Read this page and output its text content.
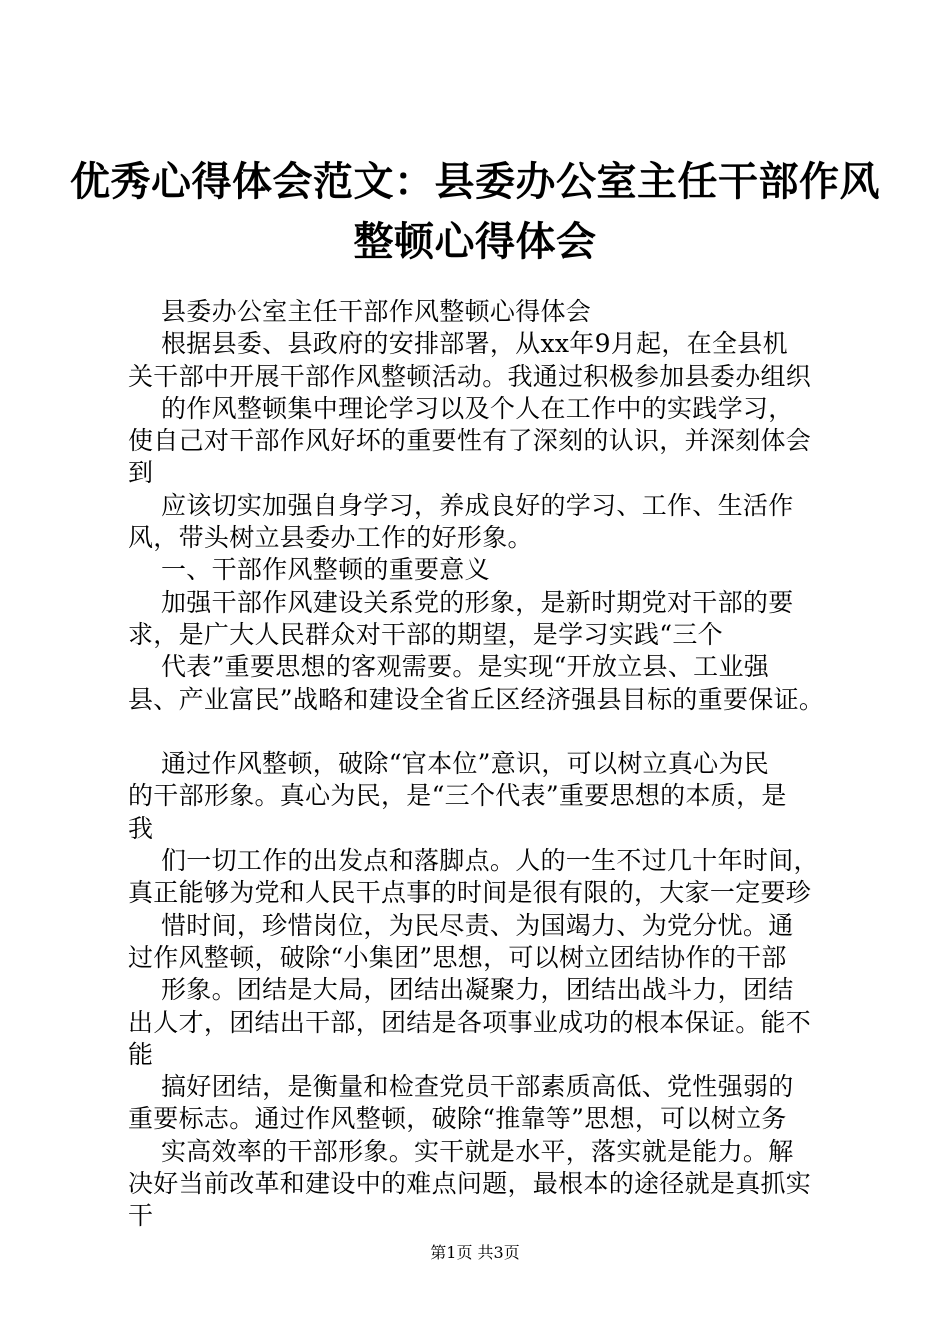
优秀心得体会范文：县委办公室主任干部作风
整顿心得体会
县委办公室主任干部作风整顿心得体会
根据县委、县政府的安排部署，从xx年9月起，在全县机
关干部中开展干部作风整顿活动。我通过积极参加县委办组织
的作风整顿集中理论学习以及个人在工作中的实践学习，
使自己对干部作风好坏的重要性有了深刻的认识，并深刻体会
到
应该切实加强自身学习，养成良好的学习、工作、生活作
风，带头树立县委办工作的好形象。
一、干部作风整顿的重要意义
加强干部作风建设关系党的形象，是新时期党对干部的要
求，是广大人民群众对干部的期望，是学习实践“三个
代表”重要思想的客观需要。是实现“开放立县、工业强
县、产业富民”战略和建设全省丘区经济强县目标的重要保证。
通过作风整顿，破除“官本位”意识，可以树立真心为民
的干部形象。真心为民，是“三个代表”重要思想的本质，是
我
们一切工作的出发点和落脚点。人的一生不过几十年时间，
真正能够为党和人民干点事的时间是很有限的，大家一定要珍
惜时间，珍惜岗位，为民尽责、为国竭力、为党分忧。通
过作风整顿，破除“小集团”思想，可以树立团结协作的干部
形象。团结是大局，团结出凝聚力，团结出战斗力，团结
出人才，团结出干部，团结是各项事业成功的根本保证。能不
能
搞好团结，是衡量和检查党员干部素质高低、党性强弱的
重要标志。通过作风整顿，破除“推靠等”思想，可以树立务
实高效率的干部形象。实干就是水平，落实就是能力。解
决好当前改革和建设中的难点问题，最根本的途径就是真抓实
干
第1页 共3页
